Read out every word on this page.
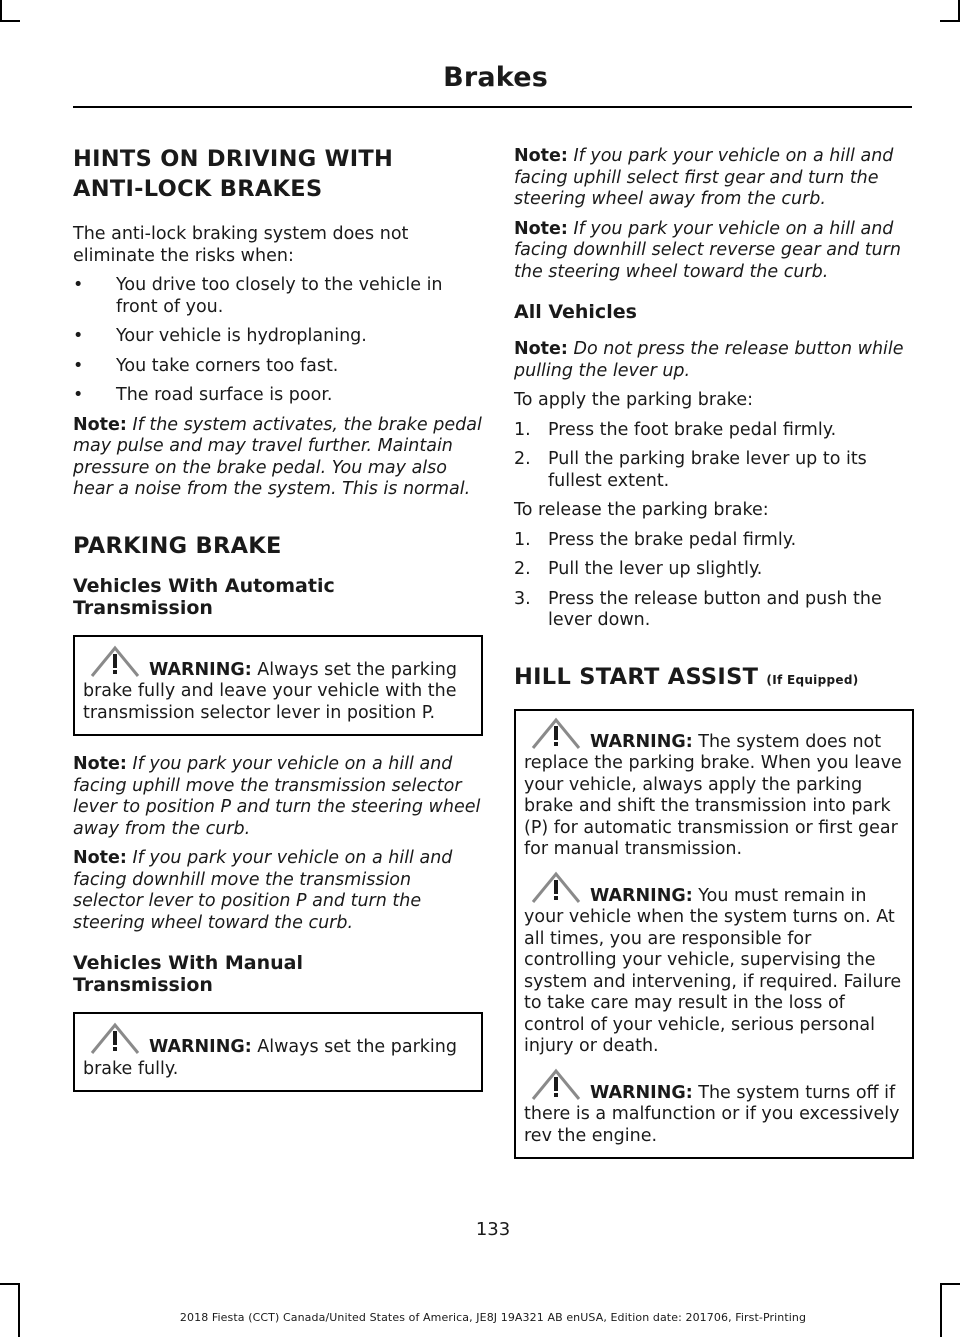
Brakes
HINTS ON DRIVING WITH
ANTI-LOCK BRAKES

The anti-lock braking system does not eliminate the risks when:

• You drive too closely to the vehicle in front of you.
• Your vehicle is hydroplaning.
• You take corners too fast.
• The road surface is poor.

Note: If the system activates, the brake pedal may pulse and may travel further. Maintain pressure on the brake pedal. You may also hear a noise from the system. This is normal.

PARKING BRAKE
Vehicles With Automatic Transmission
WARNING: Always set the parking brake fully and leave your vehicle with the transmission selector lever in position P.

Note: If you park your vehicle on a hill and facing uphill move the transmission selector lever to position P and turn the steering wheel away from the curb.

Note: If you park your vehicle on a hill and facing downhill move the transmission selector lever to position P and turn the steering wheel toward the curb.

Vehicles With Manual Transmission
WARNING: Always set the parking brake fully.

Note: If you park your vehicle on a hill and facing uphill select first gear and turn the steering wheel away from the curb.

Note: If you park your vehicle on a hill and facing downhill select reverse gear and turn the steering wheel toward the curb.

All Vehicles

Note: Do not press the release button while pulling the lever up.

To apply the parking brake:

1. Press the foot brake pedal firmly.
2. Pull the parking brake lever up to its fullest extent.

To release the parking brake:

1. Press the brake pedal firmly.
2. Pull the lever up slightly.
3. Press the release button and push the lever down.
HILL START ASSIST (If Equipped)
WARNING: The system does not replace the parking brake. When you leave your vehicle, always apply the parking brake and shift the transmission into park (P) for automatic transmission or first gear for manual transmission.
WARNING: You must remain in your vehicle when the system turns on. At all times, you are responsible for controlling your vehicle, supervising the system and intervening, if required. Failure to take care may result in the loss of control of your vehicle, serious personal injury or death.
WARNING: The system turns off if there is a malfunction or if you excessively rev the engine.
133
2018 Fiesta (CCT) Canada/United States of America, JE8J 19A321 AB enUSA, Edition date: 201706, First-Printing
